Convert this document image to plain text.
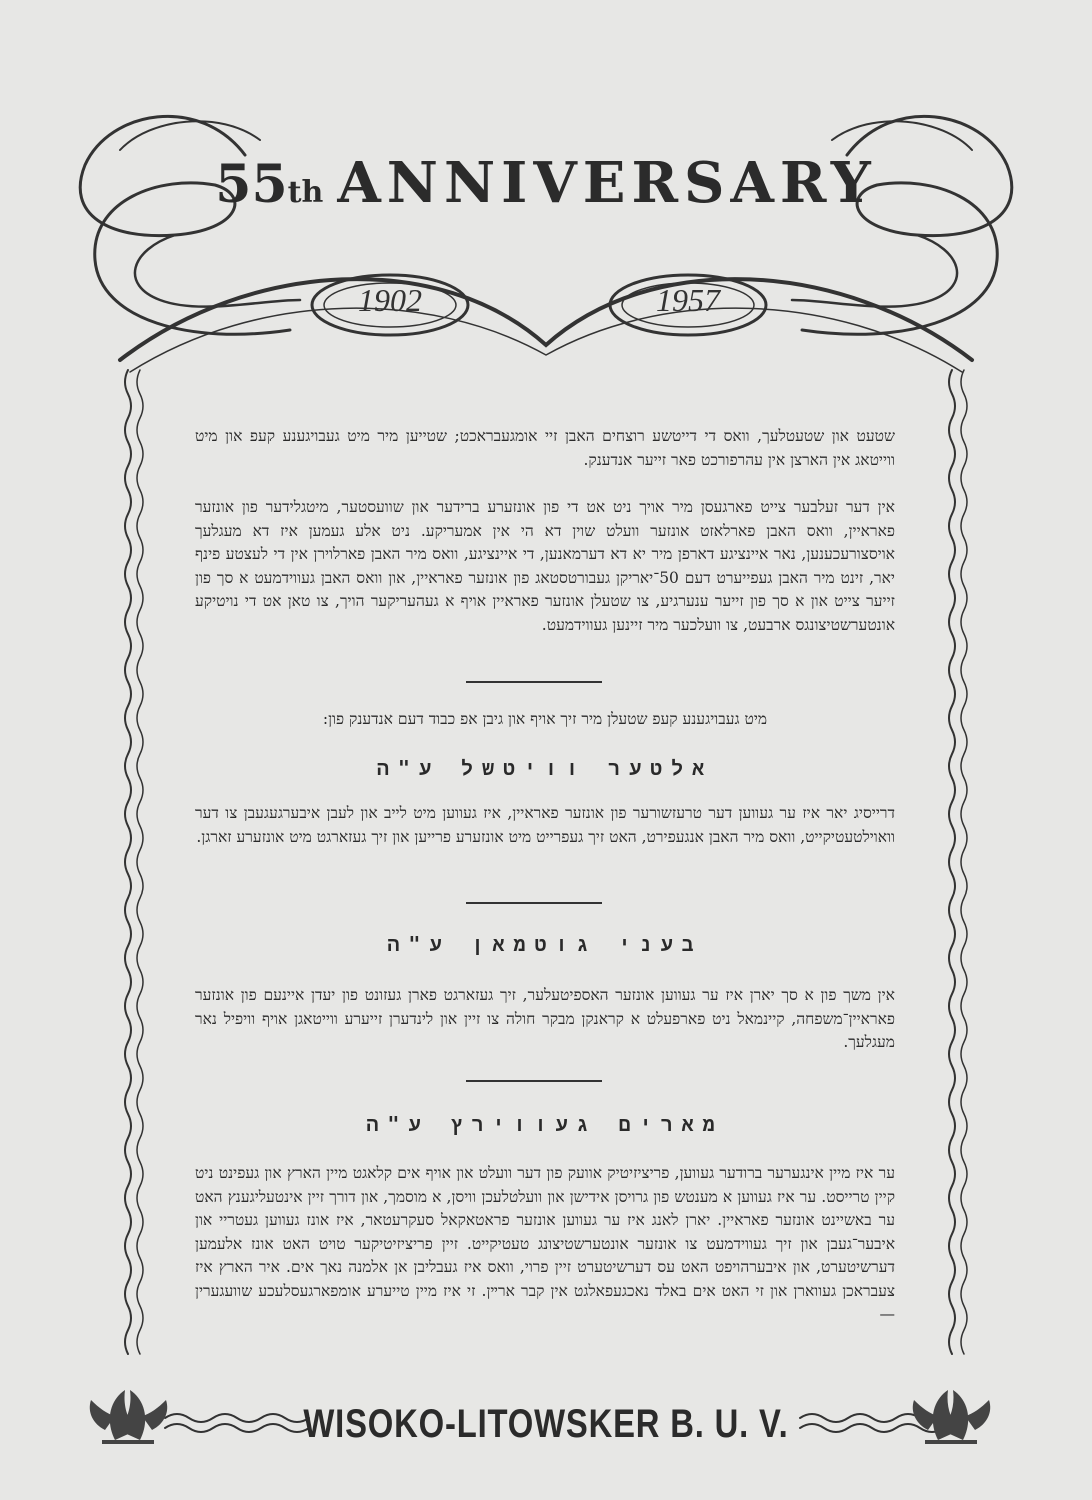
55th ANNIVERSARY
1902	1957
שטעט און שטעטלעך, וואס די דייטשע רוצחים האבן זיי אומגעבראכט; שטייען מיר מיט געבויגענע קעפ און מיט ווייטאג אין הארצן אין עהרפורכט פאר זייער אנדענק.
אין דער זעלבער צייט פארגעסן מיר אויך ניט אט די פון אונזערע ברידער און שוועסטער, מיטגלידער פון אונזער פאראיין, וואס האבן פארלאזט אונזער וועלט שוין דא הי אין אמעריקע. ניט אלע געמען איז דא מעגלעך אויסצורעכענען, נאר איינציגע דארפן מיר יא דא דערמאנען, די איינציגע, וואס מיר האבן פארלוירן אין די לעצטע פינף יאר, זינט מיר האבן געפייערט דעם 50־יאריקן געבורטסטאג פון אונזער פאראיין, און וואס האבן געווידמעט א סך פון זייער צייט און א סך פון זייער ענערגיע, צו שטעלן אונזער פאראיין אויף א געהעריקער הויך, צו טאן אט די נויטיקע אונטערשטיצונגס ארבעט, צו וועלכער מיר זיינען געווידמעט.
מיט געבויגענע קעפ שטעלן מיר זיך אויף און גיבן אפ כבוד דעם אנדענק פון:
אלטער וויטשל ע"ה
דרייסיג יאר איז ער געווען דער טרעזשורער פון אונזער פאראיין, איז געווען מיט לייב און לעבן איבערגעגעבן צו דער וואוילטעטיקייט, וואס מיר האבן אנגעפירט, האט זיך געפרייט מיט אונזערע פרייען און זיך געזארגט מיט אונזערע זארגן.
בעני גוטמאן ע"ה
אין משך פון א סך יארן איז ער געווען אונזער האספיטעלער, זיך געזארגט פארן געזונט פון יעדן איינעם פון אונזער פאראיין־משפחה, קיינמאל ניט פארפעלט א קראנקן מבקר חולה צו זיין און לינדערן זייערע ווייטאגן אויף וויפיל נאר מעגלעך.
מארים געווירץ ע"ה
ער איז מיין אינגערער ברודער געווען, פריציזיטיק אוועק פון דער וועלט און אויף אים קלאגט מיין הארץ און געפינט ניט קיין טרייסט. ער איז געווען א מענטש פון גרויסן אידישן און וועלטלעכן וויסן, א מוסמך, און דורך זיין אינטעליגענץ האט ער באשיינט אונזער פאראיין. יארן לאנג איז ער געווען אונזער פראטאקאל סעקרעטאר, איז אונז געווען געטריי און איבער־געבן און זיך געווידמעט צו אונזער אונטערשטיצונג טעטיקייט. זיין פריציזיטיקער טויט האט אונז אלעמען דערשיטערט, און איבערהויפט האט עס דערשיטערט זיין פרוי, וואס איז געבליבן אן אלמנה נאך אים. איר הארץ איז צעבראכן געווארן און זי האט אים באלד נאכגעפאלגט אין קבר ארײן. זי איז מיין טייערע אומפארגעסלעכע שוועגערין —
WISOKO-LITOWSKER B. U. V.
